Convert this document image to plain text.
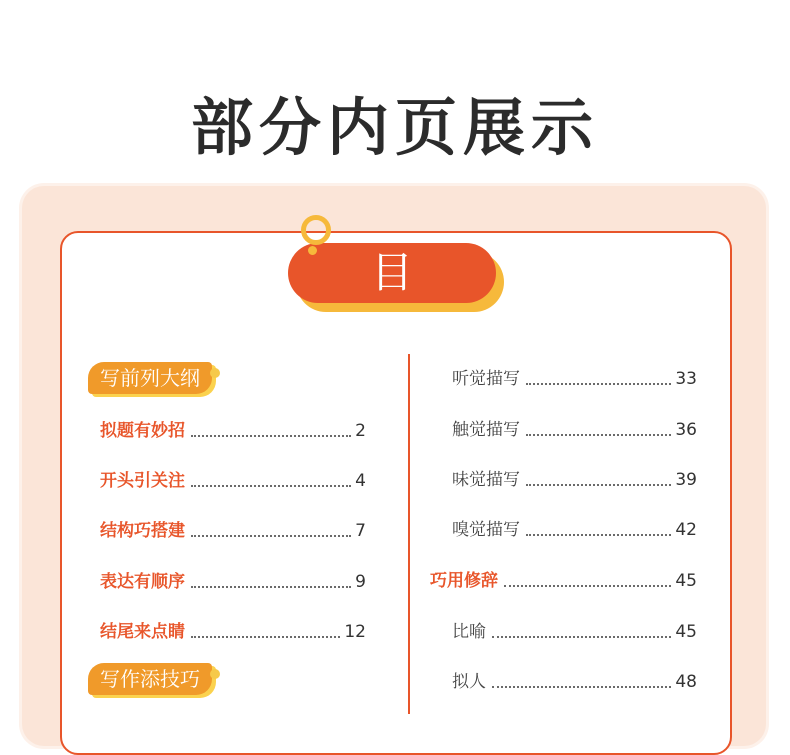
部分内页展示
目 录
写前列大纲
拟题有妙招	2
开头引关注	4
结构巧搭建	7
表达有顺序	9
结尾来点睛	12
写作添技巧
听觉描写	33
触觉描写	36
味觉描写	39
嗅觉描写	42
巧用修辞	45
比喻	45
拟人	48
